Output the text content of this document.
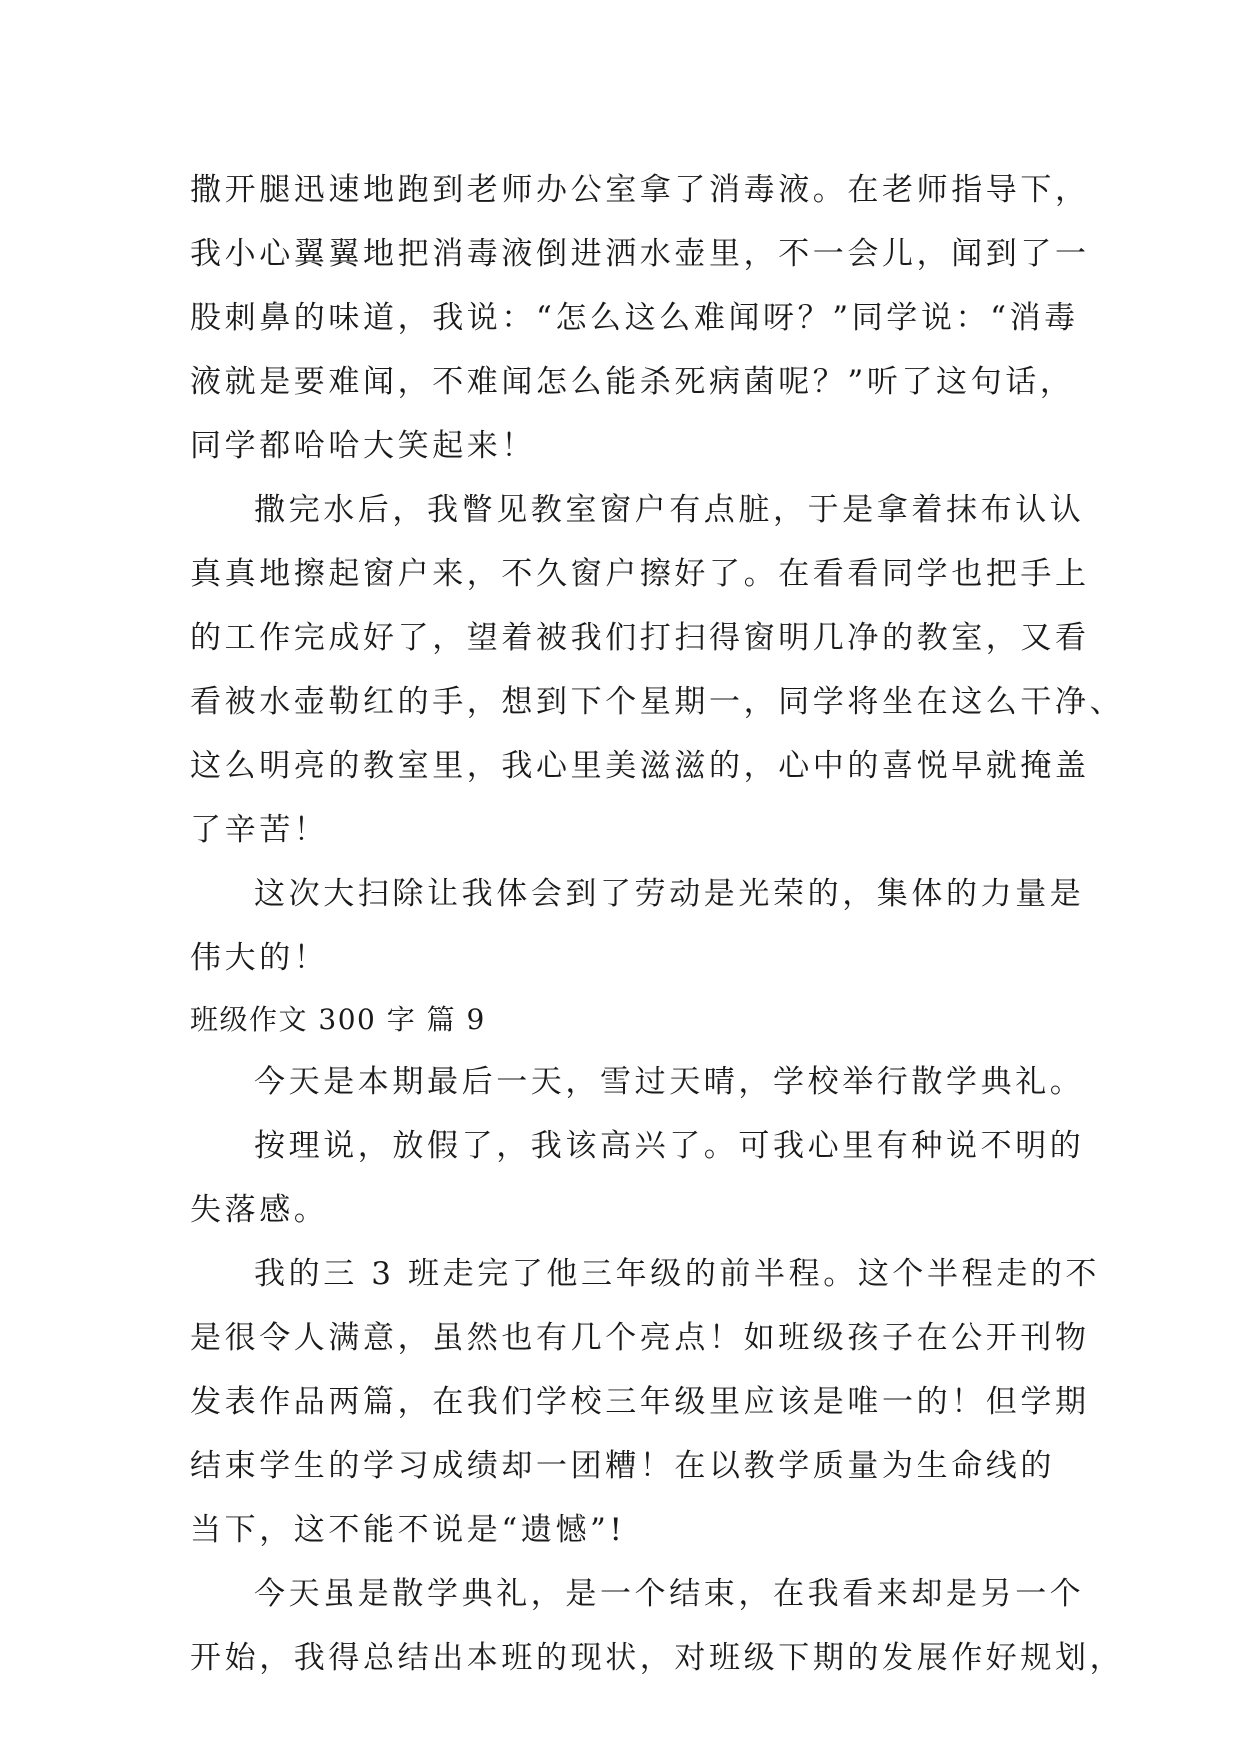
撒开腿迅速地跑到老师办公室拿了消毒液。在老师指导下，
我小心翼翼地把消毒液倒进洒水壶里，不一会儿，闻到了一
股刺鼻的味道，我说：“怎么这么难闻呀？”同学说：“消毒
液就是要难闻，不难闻怎么能杀死病菌呢？”听了这句话，
同学都哈哈大笑起来！
撒完水后，我瞥见教室窗户有点脏，于是拿着抹布认认
真真地擦起窗户来，不久窗户擦好了。在看看同学也把手上
的工作完成好了，望着被我们打扫得窗明几净的教室，又看
看被水壶勒红的手，想到下个星期一，同学将坐在这么干净、
这么明亮的教室里，我心里美滋滋的，心中的喜悦早就掩盖
了辛苦！
这次大扫除让我体会到了劳动是光荣的，集体的力量是
伟大的！
班级作文 300 字 篇 9
今天是本期最后一天，雪过天晴，学校举行散学典礼。
按理说，放假了，我该高兴了。可我心里有种说不明的
失落感。
我的三 3 班走完了他三年级的前半程。这个半程走的不
是很令人满意，虽然也有几个亮点！如班级孩子在公开刊物
发表作品两篇，在我们学校三年级里应该是唯一的！但学期
结束学生的学习成绩却一团糟！在以教学质量为生命线的
当下，这不能不说是“遗憾”!
今天虽是散学典礼，是一个结束，在我看来却是另一个
开始，我得总结出本班的现状，对班级下期的发展作好规划，
